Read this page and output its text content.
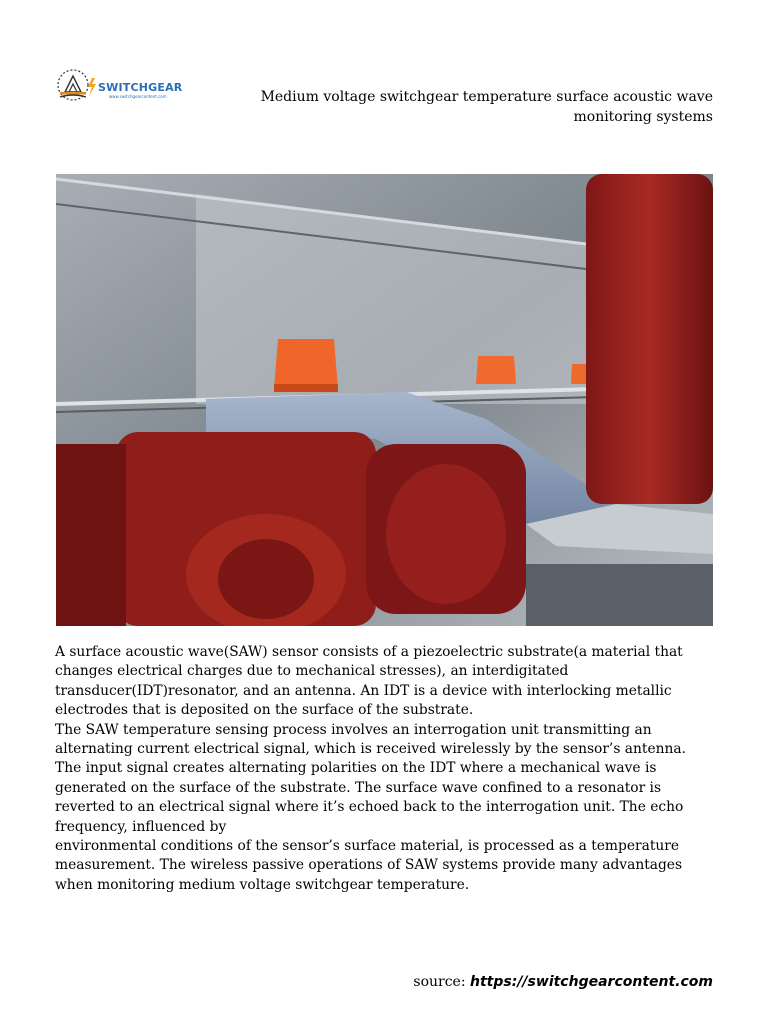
SWITCHGEAR
www.switchgearcontent.com	Medium voltage switchgear temperature surface acoustic wave monitoring systems

A surface acoustic wave(SAW) sensor consists of a piezoelectric substrate(a material that changes electrical charges due to mechanical stresses), an interdigitated transducer(IDT)resonator, and an antenna. An IDT is a device with interlocking metallic electrodes that is deposited on the surface of the substrate.

The SAW temperature sensing process involves an interrogation unit transmitting an alternating current electrical signal, which is received wirelessly by the sensor’s antenna. The input signal creates alternating polarities on the IDT where a mechanical wave is generated on the surface of the substrate. The surface wave confined to a resonator is reverted to an electrical signal where it’s echoed back to the interrogation unit. The echo frequency, influenced by

environmental conditions of the sensor’s surface material, is processed as a temperature measurement. The wireless passive operations of SAW systems provide many advantages when monitoring medium voltage switchgear temperature.

source: https://switchgearcontent.com
